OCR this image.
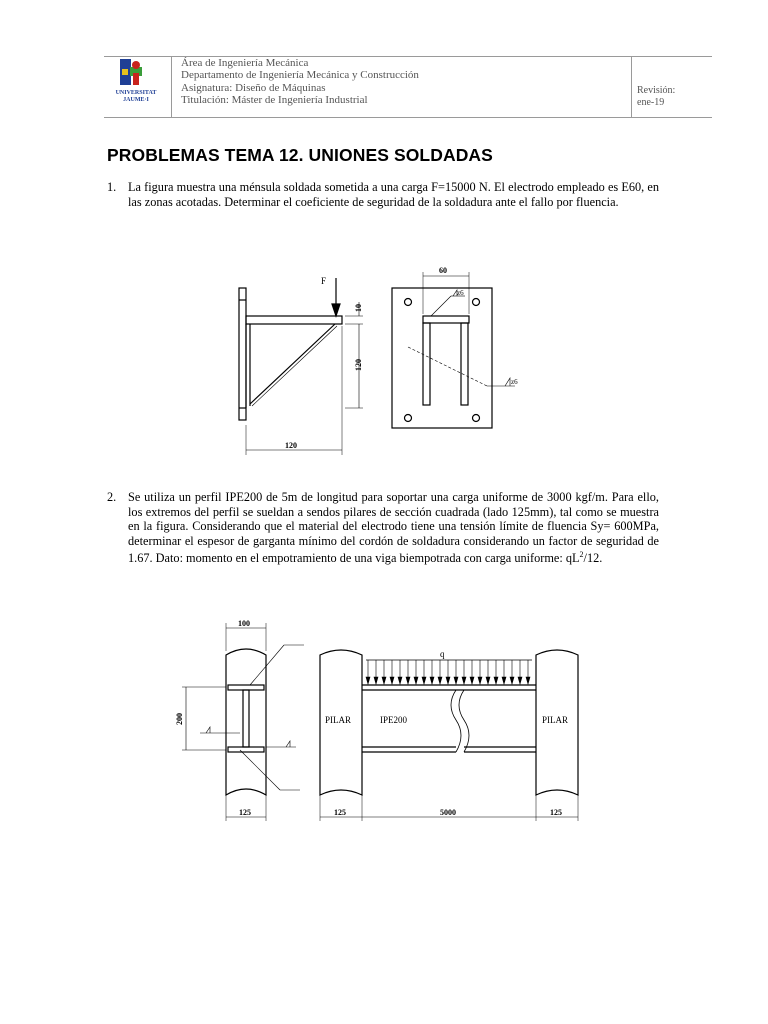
UNIVERSITAT
JAUME·I
Área de Ingeniería Mecánica
Departamento de Ingeniería Mecánica y Construcción
Asignatura: Diseño de Máquinas
Titulación: Máster de Ingeniería Industrial
Revisión:
ene-19
PROBLEMAS TEMA 12. UNIONES SOLDADAS
1. La figura muestra una ménsula soldada sometida a una carga F=15000 N. El electrodo empleado es E60, en las zonas acotadas. Determinar el coeficiente de seguridad de la soldadura ante el fallo por fluencia.
F
10
120
120
60
z6
z6
2. Se utiliza un perfil IPE200 de 5m de longitud para soportar una carga uniforme de 3000 kgf/m. Para ello, los extremos del perfil se sueldan a sendos pilares de sección cuadrada (lado 125mm), tal como se muestra en la figura. Considerando que el material del electrodo tiene una tensión límite de fluencia Sy= 600MPa, determinar el espesor de garganta mínimo del cordón de soldadura considerando un factor de seguridad de 1.67. Dato: momento en el empotramiento de una viga biempotrada con carga uniforme: $qL^2/12$.
100
200
125	125	5000	125
q
PILAR	IPE200	PILAR
